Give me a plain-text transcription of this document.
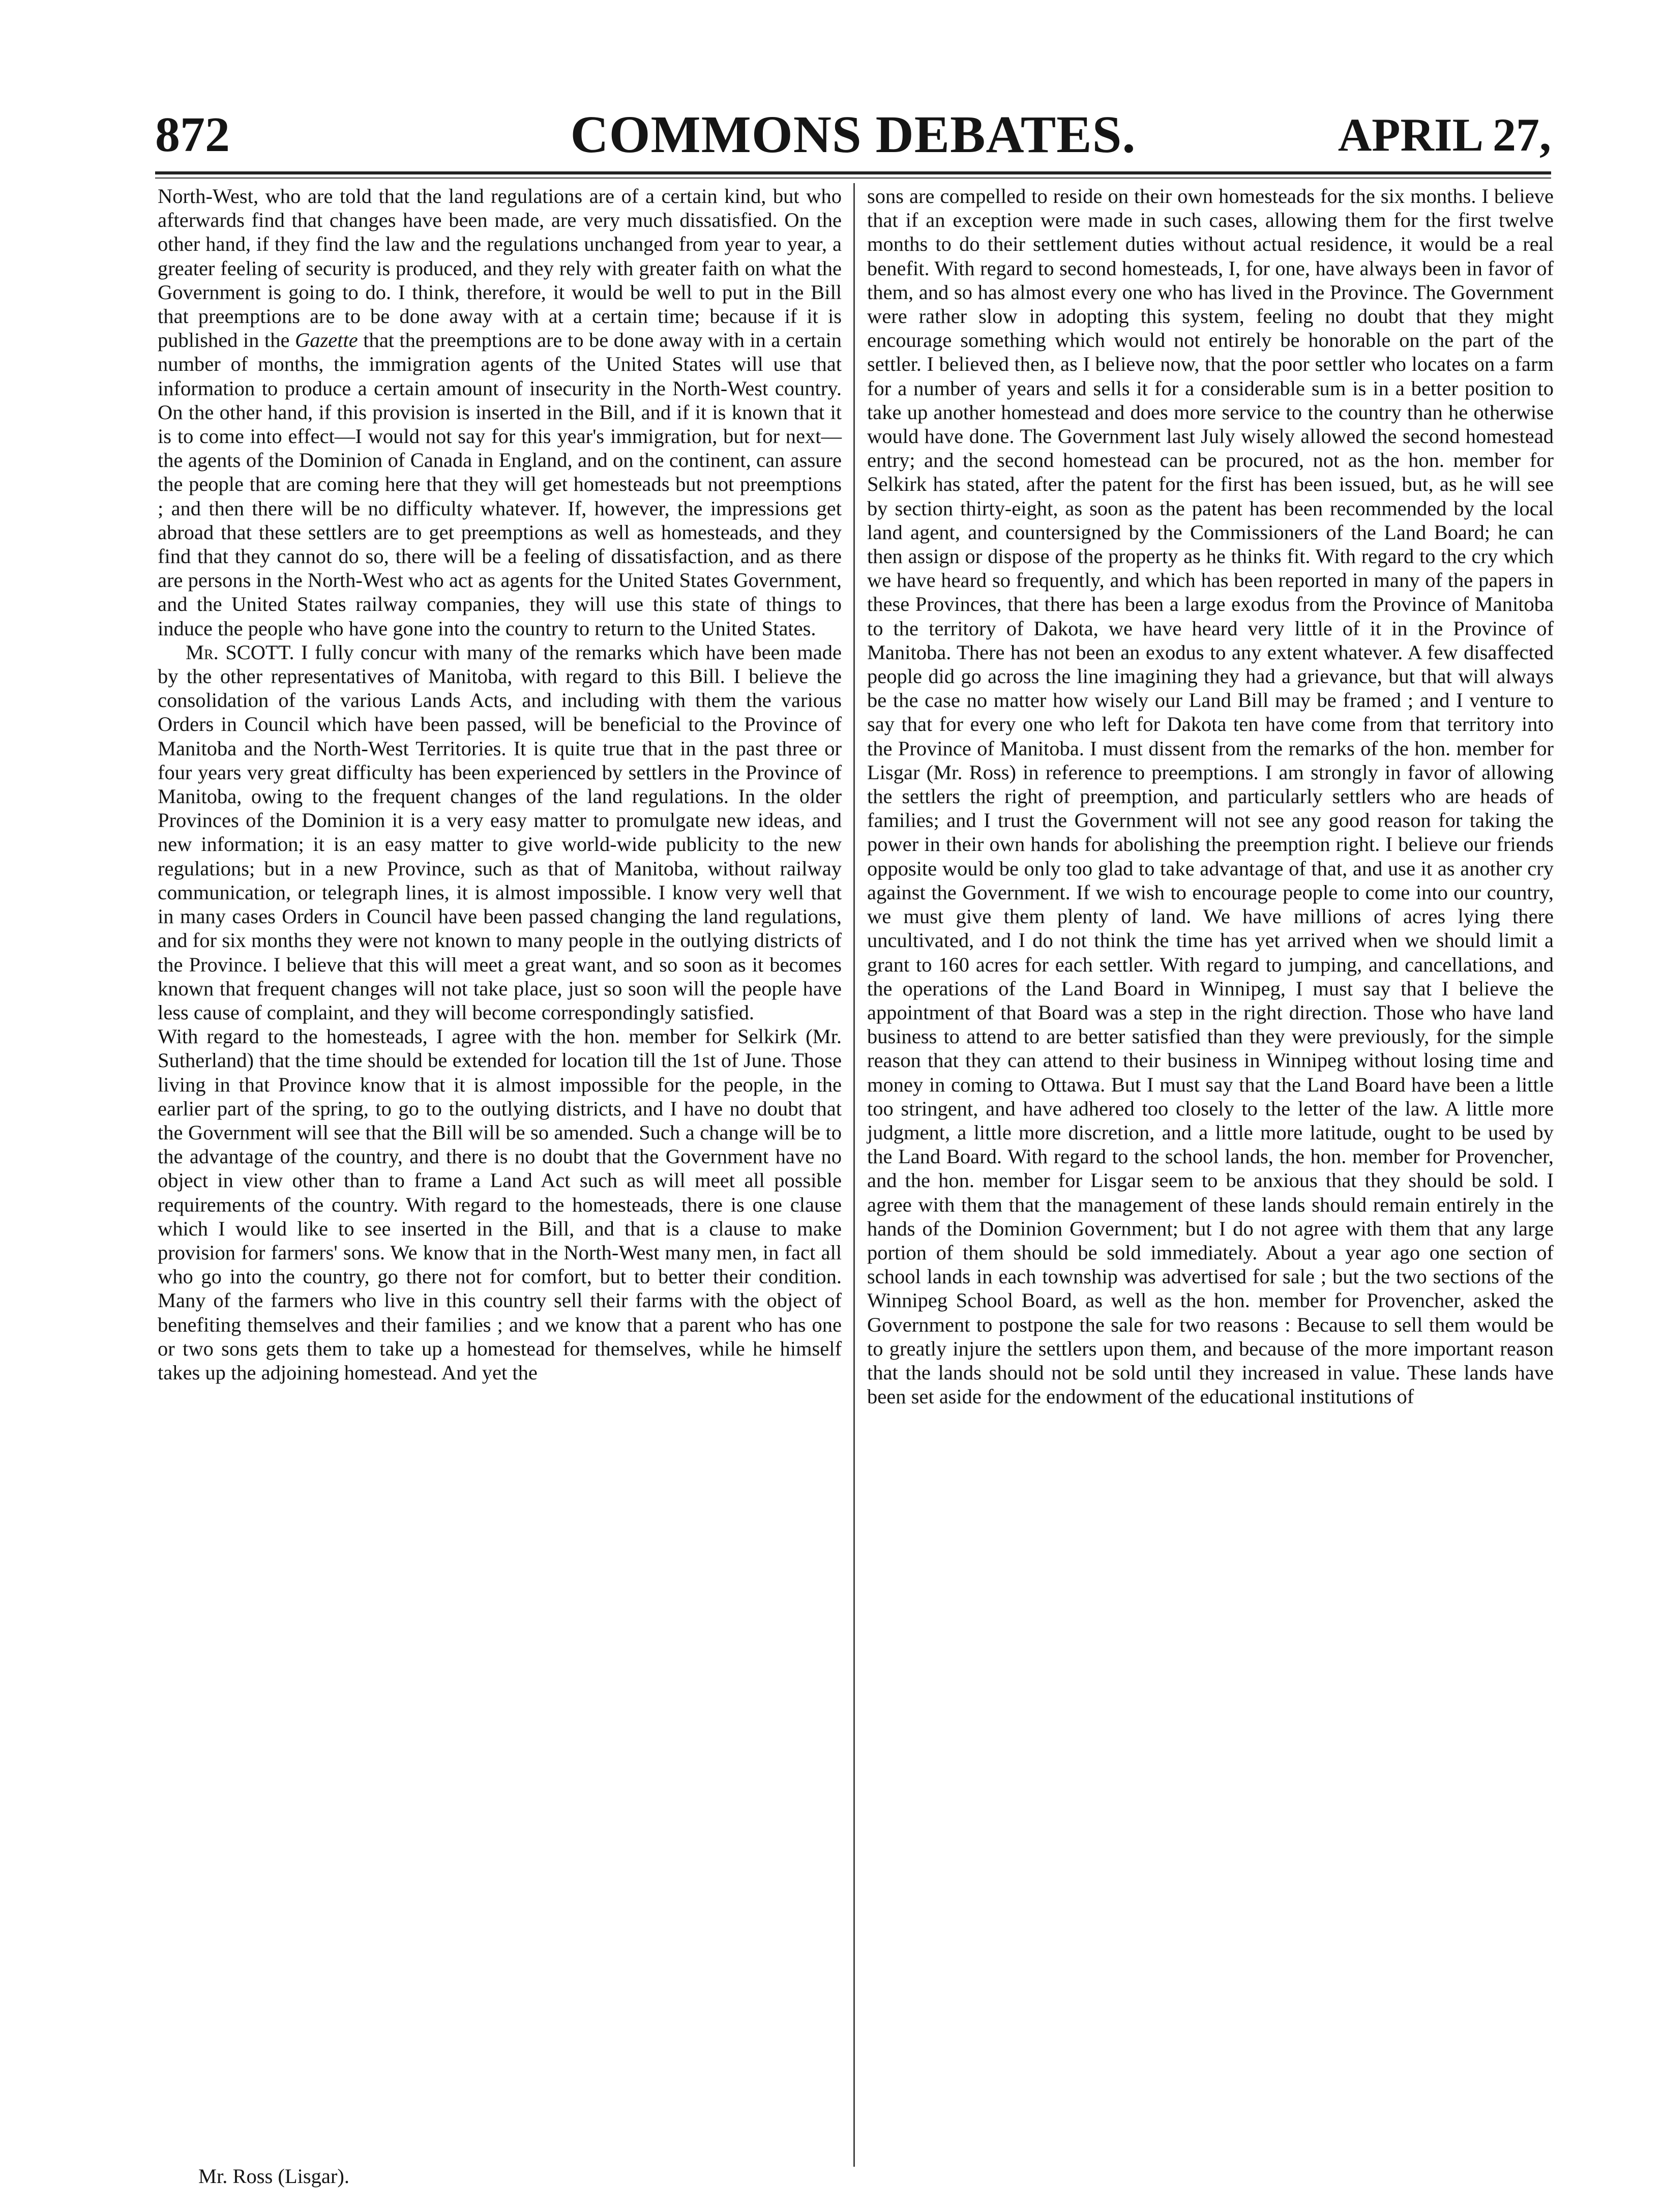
872	COMMONS DEBATES.	APRIL 27,

North-West, who are told that the land regulations are of a certain kind, but who afterwards find that changes have been made, are very much dissatisfied. On the other hand, if they find the law and the regulations unchanged from year to year, a greater feeling of security is produced, and they rely with greater faith on what the Government is going to do. I think, therefore, it would be well to put in the Bill that preemptions are to be done away with at a certain time; because if it is published in the Gazette that the preemptions are to be done away with in a certain number of months, the immigration agents of the United States will use that information to produce a certain amount of insecurity in the North-West country. On the other hand, if this provision is inserted in the Bill, and if it is known that it is to come into effect—I would not say for this year's immigration, but for next—the agents of the Dominion of Canada in England, and on the continent, can assure the people that are coming here that they will get homesteads but not preemptions ; and then there will be no difficulty whatever. If, however, the impressions get abroad that these settlers are to get preemptions as well as homesteads, and they find that they cannot do so, there will be a feeling of dissatisfaction, and as there are persons in the North-West who act as agents for the United States Government, and the United States railway companies, they will use this state of things to induce the people who have gone into the country to return to the United States.

Mr. SCOTT. I fully concur with many of the remarks which have been made by the other representatives of Manitoba, with regard to this Bill. I believe the consolidation of the various Lands Acts, and including with them the various Orders in Council which have been passed, will be beneficial to the Province of Manitoba and the North-West Territories. It is quite true that in the past three or four years very great difficulty has been experienced by settlers in the Province of Manitoba, owing to the frequent changes of the land regulations. In the older Provinces of the Dominion it is a very easy matter to promulgate new ideas, and new information; it is an easy matter to give world-wide publicity to the new regulations; but in a new Province, such as that of Manitoba, without railway communication, or telegraph lines, it is almost impossible. I know very well that in many cases Orders in Council have been passed changing the land regulations, and for six months they were not known to many people in the outlying districts of the Province. I believe that this will meet a great want, and so soon as it becomes known that frequent changes will not take place, just so soon will the people have less cause of complaint, and they will become correspondingly satisfied.

With regard to the homesteads, I agree with the hon. member for Selkirk (Mr. Sutherland) that the time should be extended for location till the 1st of June. Those living in that Province know that it is almost impossible for the people, in the earlier part of the spring, to go to the outlying districts, and I have no doubt that the Government will see that the Bill will be so amended. Such a change will be to the advantage of the country, and there is no doubt that the Government have no object in view other than to frame a Land Act such as will meet all possible requirements of the country. With regard to the homesteads, there is one clause which I would like to see inserted in the Bill, and that is a clause to make provision for farmers' sons. We know that in the North-West many men, in fact all who go into the country, go there not for comfort, but to better their condition. Many of the farmers who live in this country sell their farms with the object of benefiting themselves and their families ; and we know that a parent who has one or two sons gets them to take up a homestead for themselves, while he himself takes up the adjoining homestead. And yet the

sons are compelled to reside on their own homesteads for the six months. I believe that if an exception were made in such cases, allowing them for the first twelve months to do their settlement duties without actual residence, it would be a real benefit. With regard to second homesteads, I, for one, have always been in favor of them, and so has almost every one who has lived in the Province. The Government were rather slow in adopting this system, feeling no doubt that they might encourage something which would not entirely be honorable on the part of the settler. I believed then, as I believe now, that the poor settler who locates on a farm for a number of years and sells it for a considerable sum is in a better position to take up another homestead and does more service to the country than he otherwise would have done. The Government last July wisely allowed the second homestead entry; and the second homestead can be procured, not as the hon. member for Selkirk has stated, after the patent for the first has been issued, but, as he will see by section thirty-eight, as soon as the patent has been recommended by the local land agent, and countersigned by the Commissioners of the Land Board; he can then assign or dispose of the property as he thinks fit. With regard to the cry which we have heard so frequently, and which has been reported in many of the papers in these Provinces, that there has been a large exodus from the Province of Manitoba to the territory of Dakota, we have heard very little of it in the Province of Manitoba. There has not been an exodus to any extent whatever. A few disaffected people did go across the line imagining they had a grievance, but that will always be the case no matter how wisely our Land Bill may be framed ; and I venture to say that for every one who left for Dakota ten have come from that territory into the Province of Manitoba. I must dissent from the remarks of the hon. member for Lisgar (Mr. Ross) in reference to preemptions. I am strongly in favor of allowing the settlers the right of preemption, and particularly settlers who are heads of families; and I trust the Government will not see any good reason for taking the power in their own hands for abolishing the preemption right. I believe our friends opposite would be only too glad to take advantage of that, and use it as another cry against the Government. If we wish to encourage people to come into our country, we must give them plenty of land. We have millions of acres lying there uncultivated, and I do not think the time has yet arrived when we should limit a grant to 160 acres for each settler. With regard to jumping, and cancellations, and the operations of the Land Board in Winnipeg, I must say that I believe the appointment of that Board was a step in the right direction. Those who have land business to attend to are better satisfied than they were previously, for the simple reason that they can attend to their business in Winnipeg without losing time and money in coming to Ottawa. But I must say that the Land Board have been a little too stringent, and have adhered too closely to the letter of the law. A little more judgment, a little more discretion, and a little more latitude, ought to be used by the Land Board. With regard to the school lands, the hon. member for Provencher, and the hon. member for Lisgar seem to be anxious that they should be sold. I agree with them that the management of these lands should remain entirely in the hands of the Dominion Government; but I do not agree with them that any large portion of them should be sold immediately. About a year ago one section of school lands in each township was advertised for sale ; but the two sections of the Winnipeg School Board, as well as the hon. member for Provencher, asked the Government to postpone the sale for two reasons : Because to sell them would be to greatly injure the settlers upon them, and because of the more important reason that the lands should not be sold until they increased in value. These lands have been set aside for the endowment of the educational institutions of

Mr. Ross (Lisgar).
